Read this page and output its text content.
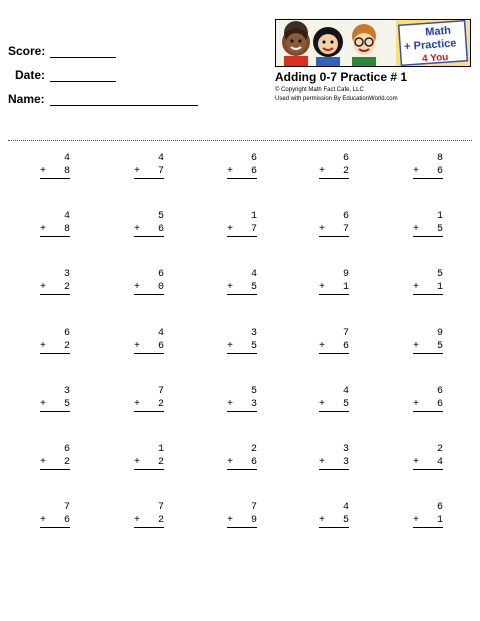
Score:
Date:
Name:
Math
+ Practice
4 You
Adding 0-7 Practice # 1
© Copyright Math Fact Cafe, LLC
Used with permission By EducationWorld.com
4
+ 8
4
+ 7
6
+ 6
6
+ 2
8
+ 6
4
+ 8
5
+ 6
1
+ 7
6
+ 7
1
+ 5
3
+ 2
6
+ 0
4
+ 5
9
+ 1
5
+ 1
6
+ 2
4
+ 6
3
+ 5
7
+ 6
9
+ 5
3
+ 5
7
+ 2
5
+ 3
4
+ 5
6
+ 6
6
+ 2
1
+ 2
2
+ 6
3
+ 3
2
+ 4
7
+ 6
7
+ 2
7
+ 9
4
+ 5
6
+ 1
